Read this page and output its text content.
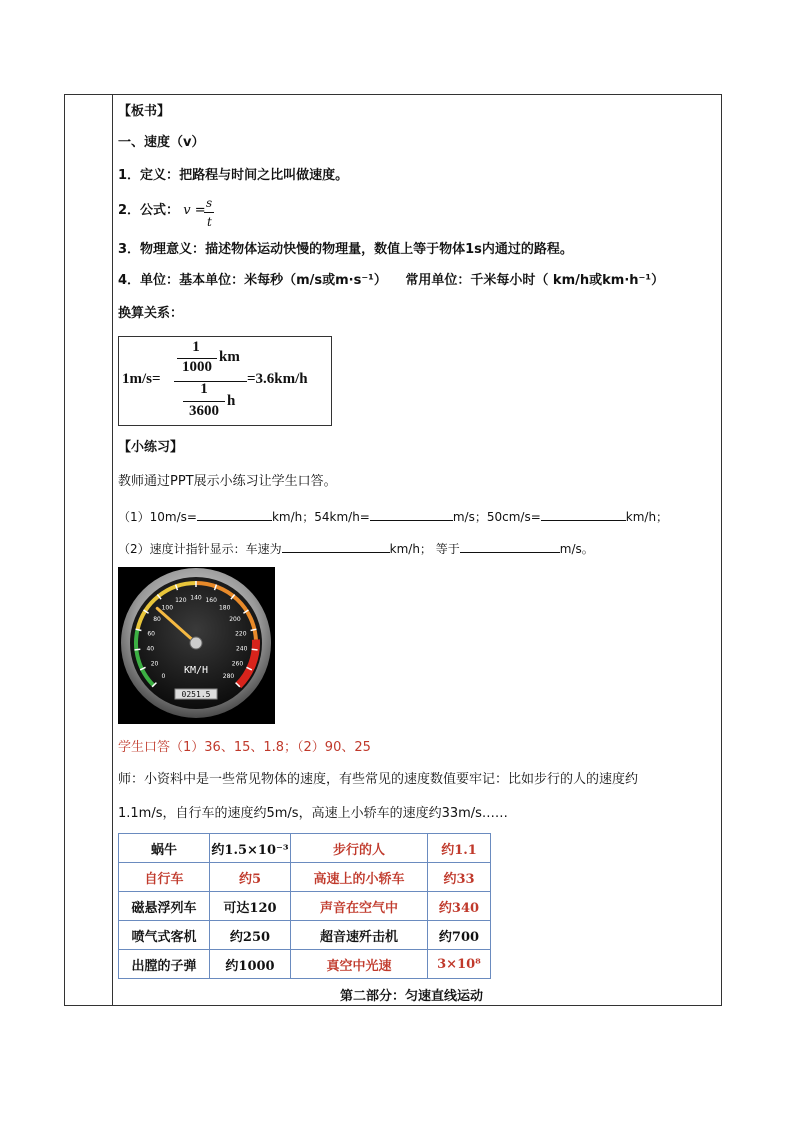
【板书】
一、速度（v）
1．定义：把路程与时间之比叫做速度。
2．公式： v = s
t
3．物理意义：描述物体运动快慢的物理量，数值上等于物体1s内通过的路程。
4．单位：基本单位：米每秒（m/s或m·s⁻¹） 常用单位：千米每小时（ km/h或km·h⁻¹）
换算关系：
1m/s=
1
1000
km
1
3600
h
=3.6km/h
【小练习】
教师通过PPT展示小练习让学生口答。
（1）10m/s=	km/h；54km/h=	m/s；50cm/s=	km/h；
（2）速度计指针显示：车速为	km/h； 等于	m/s。
0
20
40
60
80
100
120 140 160
180
200
220
240
260
280
KM/H
0251.5
学生口答（1）36、15、1.8；（2）90、25
师：小资料中是一些常见物体的速度，有些常见的速度数值要牢记：比如步行的人的速度约
1.1m/s，自行车的速度约5m/s，高速上小轿车的速度约33m/s……
蜗牛	约1.5×10⁻³	步行的人	约1.1
自行车	约5	高速上的小轿车	约33
磁悬浮列车	可达120	声音在空气中	约340
喷气式客机	约250	超音速歼击机	约700
出膛的子弹	约1000	真空中光速	3×10⁸
第二部分：匀速直线运动
